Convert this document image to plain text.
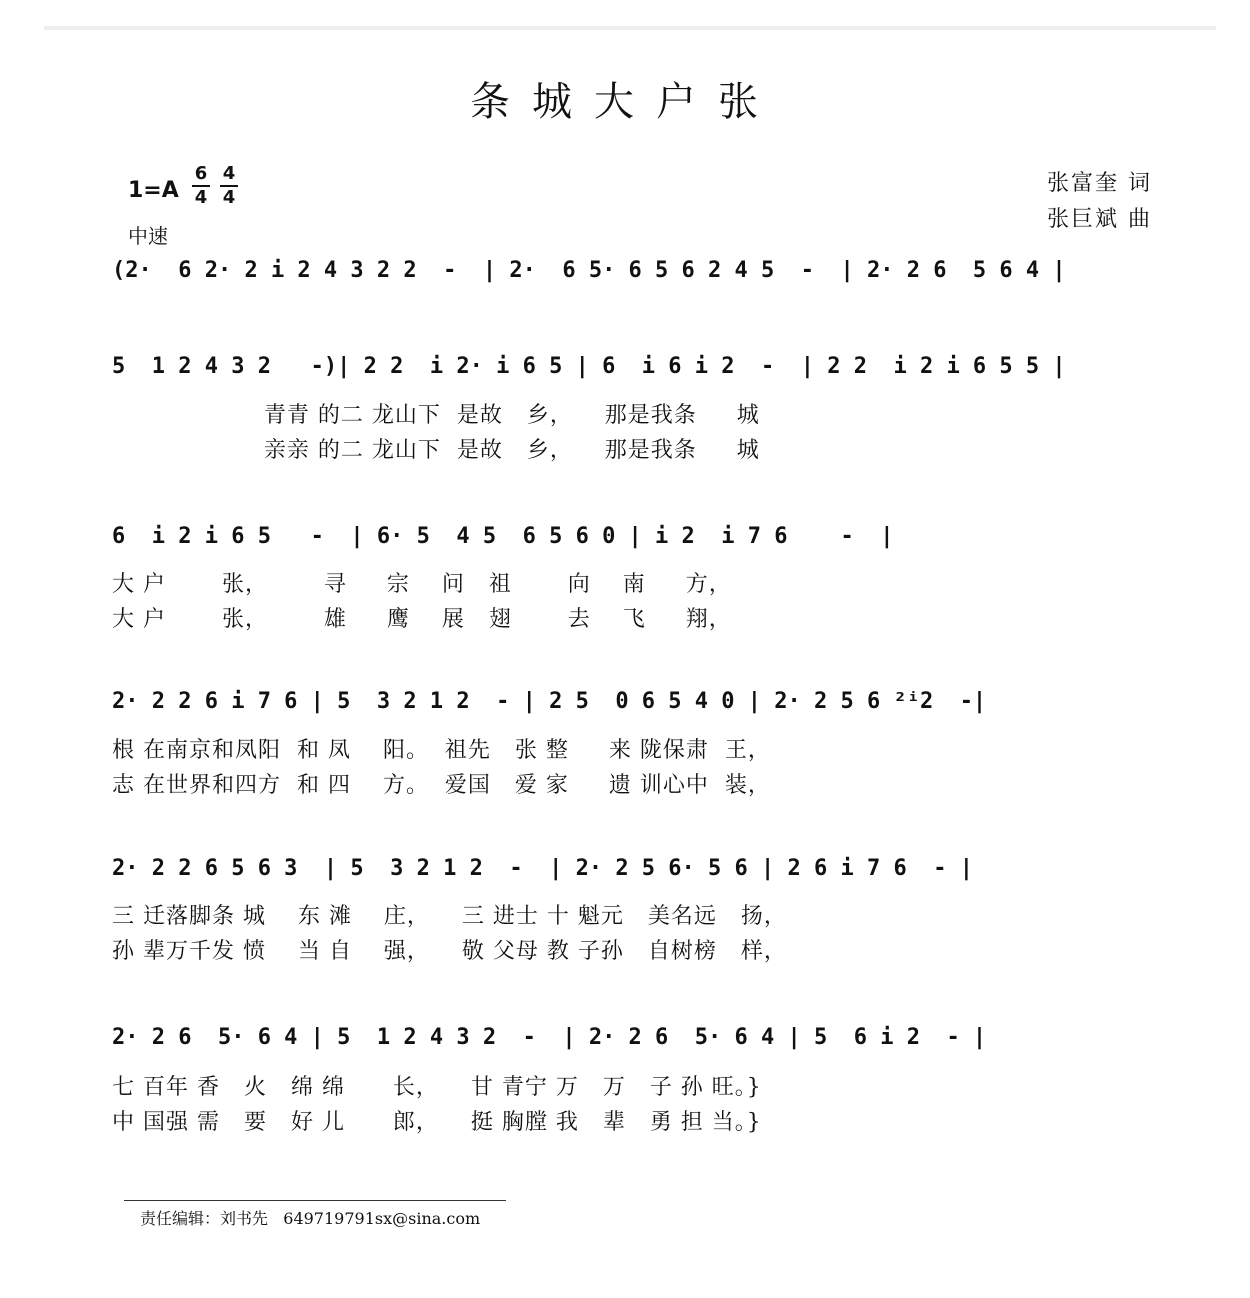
条城大户张
1=A
6
4
4
4
中速
张富奎 词
张巨斌 曲
(2·  6 2· 2 i 2 4 3 2 2  -  | 2·  6 5· 6 5 6 2 4 5  -  | 2· 2 6  5 6 4 |
5  1 2 4 3 2   -)| 2 2  i 2· i 6 5 | 6  i 6 i 2  -  | 2 2  i 2 i 6 5 5 |
青青 的二 龙山下  是故   乡，    那是我条     城
亲亲 的二 龙山下  是故   乡，    那是我条     城
6  i 2 i 6 5   -  | 6· 5  4 5  6 5 6 0 | i 2  i 7 6    -  |
大 户       张，       寻     宗    问   祖       向    南     方，
大 户       张，       雄     鹰    展   翅       去    飞     翔，
2· 2 2 6 i 7 6 | 5  3 2 1 2  - | 2 5  0 6 5 4 0 | 2· 2 5 6 ²ⁱ2  -|
根 在南京和凤阳  和 凤    阳。  祖先   张 整     来 陇保肃  王，
志 在世界和四方  和 四    方。  爱国   爱 家     遗 训心中  装，
2· 2 2 6 5 6 3  | 5  3 2 1 2  -  | 2· 2 5 6· 5 6 | 2 6 i 7 6  - |
三 迁落脚条 城    东 滩    庄，    三 进士 十 魁元   美名远   扬，
孙 辈万千发 愤    当 自    强，    敬 父母 教 子孙   自树榜   样，
2· 2 6  5· 6 4 | 5  1 2 4 3 2  -  | 2· 2 6  5· 6 4 | 5  6 i 2  - |
七 百年 香   火   绵 绵      长，    甘 青宁 万   万   子 孙 旺。}
中 国强 需   要   好 儿      郎，    挺 胸膛 我   辈   勇 担 当。}
责任编辑：刘书先   649719791sx@sina.com
